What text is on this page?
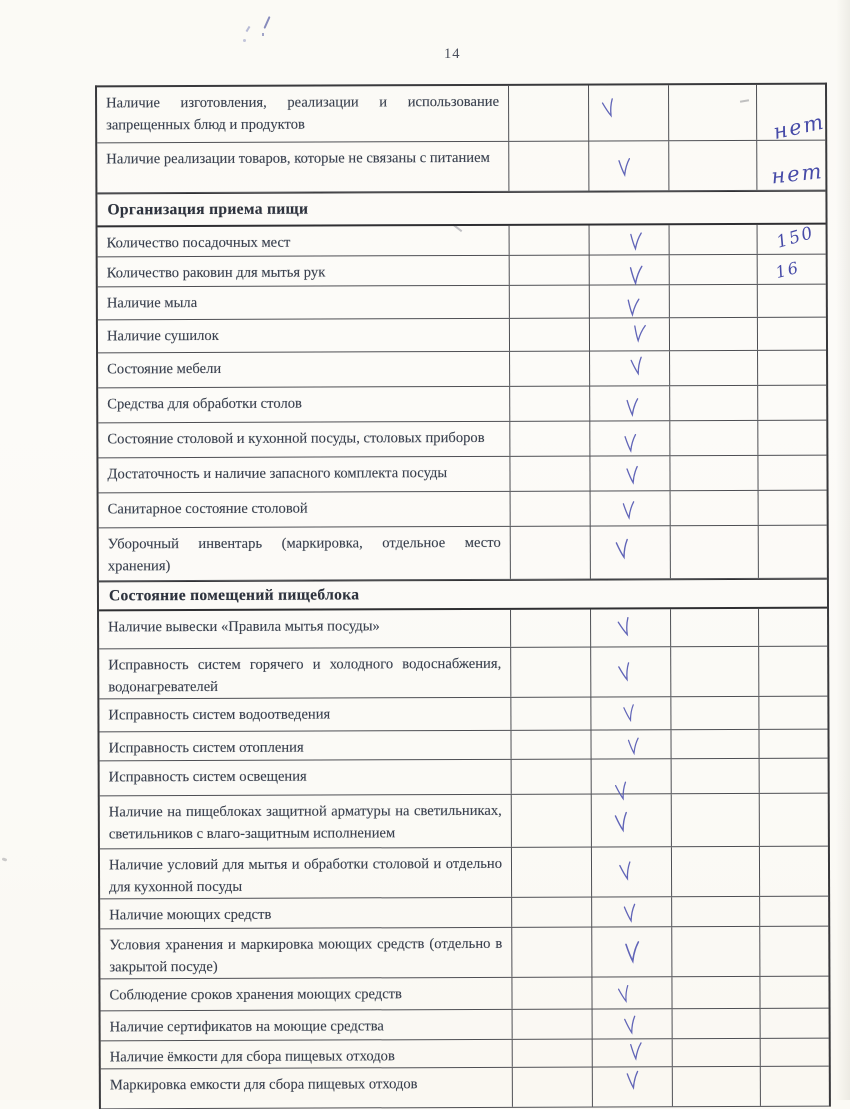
14
Наличие изготовления, реализации и использование запрещенных блюд и продуктов	нет
Наличие реализации товаров, которые не связаны с питанием	нет
Организация приема пищи
Количество посадочных мест	150
Количество раковин для мытья рук	16
Наличие мыла
Наличие сушилок
Состояние мебели
Средства для обработки столов
Состояние столовой и кухонной посуды, столовых приборов
Достаточность и наличие запасного комплекта посуды
Санитарное состояние столовой
Уборочный инвентарь (маркировка, отдельное место хранения)
Состояние помещений пищеблока
Наличие вывески «Правила мытья посуды»
Исправность систем горячего и холодного водоснабжения, водонагревателей
Исправность систем водоотведения
Исправность систем отопления
Исправность систем освещения
Наличие на пищеблоках защитной арматуры на светильниках, светильников с влаго-защитным исполнением
Наличие условий для мытья и обработки столовой и отдельно для кухонной посуды
Наличие моющих средств
Условия хранения и маркировка моющих средств (отдельно в закрытой посуде)
Соблюдение сроков хранения моющих средств
Наличие сертификатов на моющие средства
Наличие ёмкости для сбора пищевых отходов
Маркировка емкости для сбора пищевых отходов
